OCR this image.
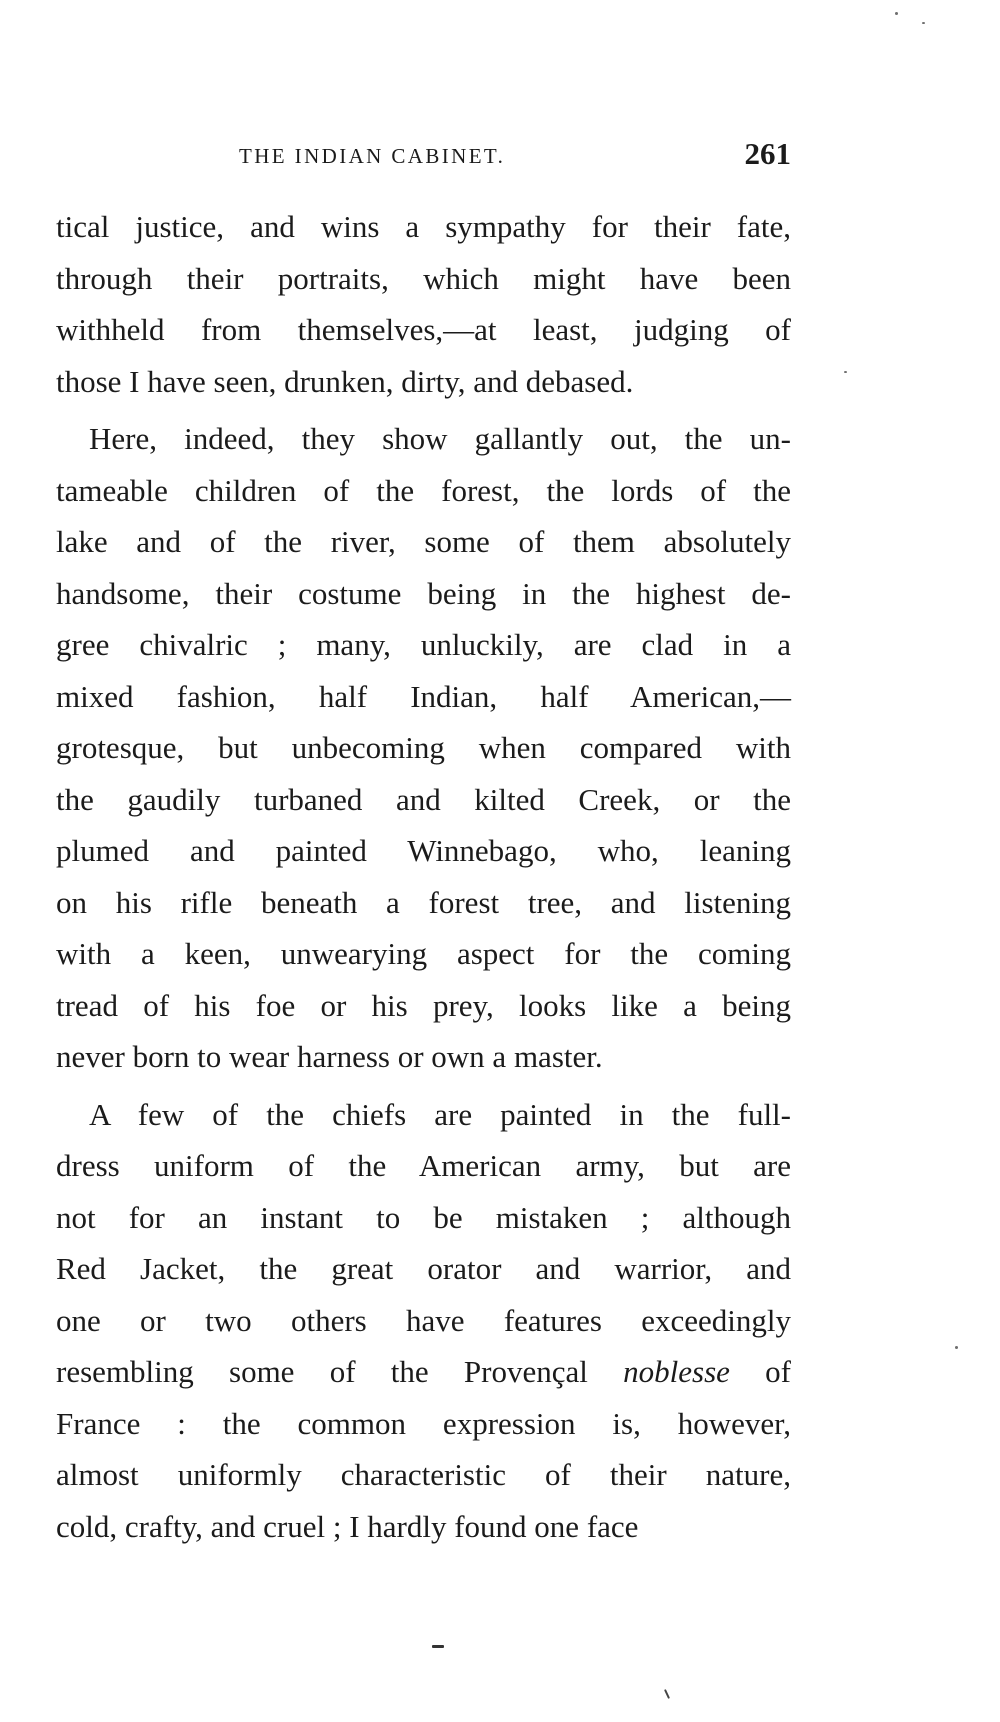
THE INDIAN CABINET.	261
tical justice, and wins a sympathy for their fate,
through their portraits, which might have been
withheld from themselves,—at least, judging of
those I have seen, drunken, dirty, and debased.
Here, indeed, they show gallantly out, the un-
tameable children of the forest, the lords of the
lake and of the river, some of them absolutely
handsome, their costume being in the highest de-
gree chivalric ; many, unluckily, are clad in a
mixed fashion, half Indian, half American,—
grotesque, but unbecoming when compared with
the gaudily turbaned and kilted Creek, or the
plumed and painted Winnebago, who, leaning
on his rifle beneath a forest tree, and listening
with a keen, unwearying aspect for the coming
tread of his foe or his prey, looks like a being
never born to wear harness or own a master.
A few of the chiefs are painted in the full-
dress uniform of the American army, but are
not for an instant to be mistaken ; although
Red Jacket, the great orator and warrior, and
one or two others have features exceedingly
resembling some of the Provençal noblesse of
France : the common expression is, however,
almost uniformly characteristic of their nature,
cold, crafty, and cruel ; I hardly found one face
